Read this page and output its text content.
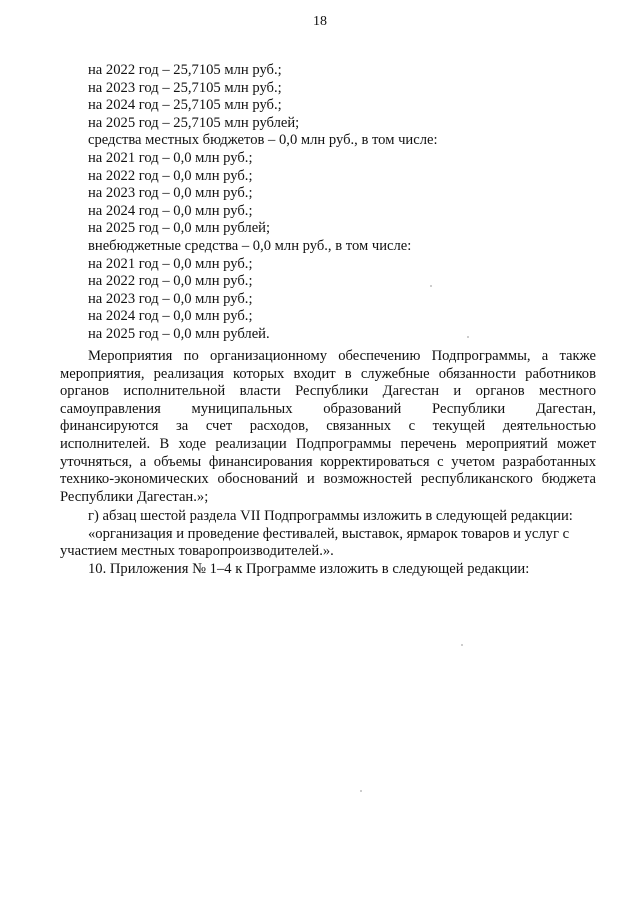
18
на 2022 год – 25,7105 млн руб.;
на 2023 год – 25,7105 млн руб.;
на 2024 год – 25,7105 млн руб.;
на 2025 год – 25,7105 млн рублей;
средства местных бюджетов – 0,0 млн руб., в том числе:
на 2021 год – 0,0 млн руб.;
на 2022 год – 0,0 млн руб.;
на 2023 год – 0,0 млн руб.;
на 2024 год – 0,0 млн руб.;
на 2025 год – 0,0 млн рублей;
внебюджетные средства – 0,0 млн руб., в том числе:
на 2021 год – 0,0 млн руб.;
на 2022 год – 0,0 млн руб.;
на 2023 год – 0,0 млн руб.;
на 2024 год – 0,0 млн руб.;
на 2025 год – 0,0 млн рублей.
Мероприятия по организационному обеспечению Подпрограммы, а также
мероприятия, реализация которых входит в служебные обязанности работников
органов исполнительной власти Республики Дагестан и органов местного
самоуправления муниципальных образований Республики Дагестан,
финансируются за счет расходов, связанных с текущей деятельностью
исполнителей. В ходе реализации Подпрограммы перечень мероприятий может
уточняться, а объемы финансирования корректироваться с учетом разработанных
технико-экономических обоснований и возможностей республиканского бюджета
Республики Дагестан.»;
г) абзац шестой раздела VII Подпрограммы изложить в следующей редакции:
«организация и проведение фестивалей, выставок, ярмарок товаров и услуг с
участием местных товаропроизводителей.».
10. Приложения № 1–4 к Программе изложить в следующей редакции:
